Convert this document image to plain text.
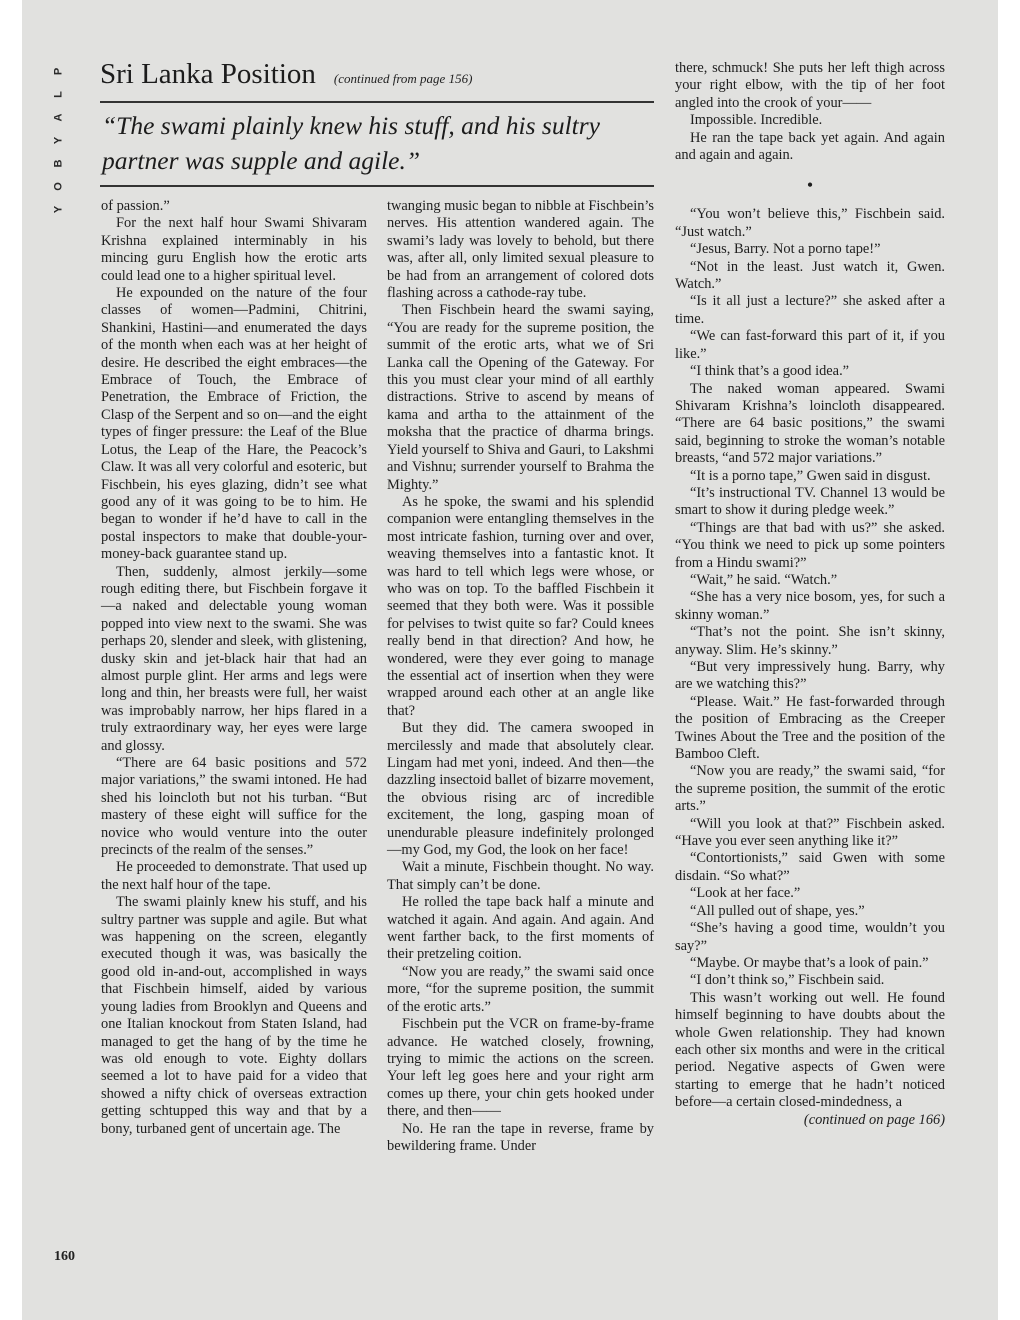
P
L
A
Y
B
O
Y
Sri Lanka Position (continued from page 156)
“The swami plainly knew his stuff, and his sultry partner was supple and agile.”

of passion.”

For the next half hour Swami Shivaram Krishna explained interminably in his mincing guru English how the erotic arts could lead one to a higher spiritual level.

He expounded on the nature of the four classes of women—Padmini, Chitrini, Shankini, Hastini—and enumerated the days of the month when each was at her height of desire. He described the eight embraces—the Embrace of Touch, the Embrace of Penetration, the Embrace of Friction, the Clasp of the Serpent and so on—and the eight types of finger pressure: the Leaf of the Blue Lotus, the Leap of the Hare, the Peacock’s Claw. It was all very colorful and esoteric, but Fischbein, his eyes glazing, didn’t see what good any of it was going to be to him. He began to wonder if he’d have to call in the postal inspectors to make that double-your-money-back guarantee stand up.

Then, suddenly, almost jerkily—some rough editing there, but Fischbein forgave it—a naked and delectable young woman popped into view next to the swami. She was perhaps 20, slender and sleek, with glistening, dusky skin and jet-black hair that had an almost purple glint. Her arms and legs were long and thin, her breasts were full, her waist was improbably narrow, her hips flared in a truly extraordinary way, her eyes were large and glossy.

“There are 64 basic positions and 572 major variations,” the swami intoned. He had shed his loincloth but not his turban. “But mastery of these eight will suffice for the novice who would venture into the outer precincts of the realm of the senses.”

He proceeded to demonstrate. That used up the next half hour of the tape.

The swami plainly knew his stuff, and his sultry partner was supple and agile. But what was happening on the screen, elegantly executed though it was, was basically the good old in-and-out, accomplished in ways that Fischbein himself, aided by various young ladies from Brooklyn and Queens and one Italian knockout from Staten Island, had managed to get the hang of by the time he was old enough to vote. Eighty dollars seemed a lot to have paid for a video that showed a nifty chick of overseas extraction getting schtupped this way and that by a bony, turbaned gent of uncertain age. The

twanging music began to nibble at Fischbein’s nerves. His attention wandered again. The swami’s lady was lovely to behold, but there was, after all, only limited sexual pleasure to be had from an arrangement of colored dots flashing across a cathode-ray tube.

Then Fischbein heard the swami saying, “You are ready for the supreme position, the summit of the erotic arts, what we of Sri Lanka call the Opening of the Gateway. For this you must clear your mind of all earthly distractions. Strive to ascend by means of kama and artha to the attainment of the moksha that the practice of dharma brings. Yield yourself to Shiva and Gauri, to Lakshmi and Vishnu; surrender yourself to Brahma the Mighty.”

As he spoke, the swami and his splendid companion were entangling themselves in the most intricate fashion, turning over and over, weaving themselves into a fantastic knot. It was hard to tell which legs were whose, or who was on top. To the baffled Fischbein it seemed that they both were. Was it possible for pelvises to twist quite so far? Could knees really bend in that direction? And how, he wondered, were they ever going to manage the essential act of insertion when they were wrapped around each other at an angle like that?

But they did. The camera swooped in mercilessly and made that absolutely clear. Lingam had met yoni, indeed. And then—the dazzling insectoid ballet of bizarre movement, the obvious rising arc of incredible excitement, the long, gasping moan of unendurable pleasure indefinitely prolonged—my God, my God, the look on her face!

Wait a minute, Fischbein thought. No way. That simply can’t be done.

He rolled the tape back half a minute and watched it again. And again. And again. And went farther back, to the first moments of their pretzeling coition.

“Now you are ready,” the swami said once more, “for the supreme position, the summit of the erotic arts.”

Fischbein put the VCR on frame-by-frame advance. He watched closely, frowning, trying to mimic the actions on the screen. Your left leg goes here and your right arm comes up there, your chin gets hooked under there, and then——

No. He ran the tape in reverse, frame by bewildering frame. Under

there, schmuck! She puts her left thigh across your right elbow, with the tip of her foot angled into the crook of your——

Impossible. Incredible.

He ran the tape back yet again. And again and again and again.

•

“You won’t believe this,” Fischbein said. “Just watch.”

“Jesus, Barry. Not a porno tape!”

“Not in the least. Just watch it, Gwen. Watch.”

“Is it all just a lecture?” she asked after a time.

“We can fast-forward this part of it, if you like.”

“I think that’s a good idea.”

The naked woman appeared. Swami Shivaram Krishna’s loincloth disappeared. “There are 64 basic positions,” the swami said, beginning to stroke the woman’s notable breasts, “and 572 major variations.”

“It is a porno tape,” Gwen said in disgust.

“It’s instructional TV. Channel 13 would be smart to show it during pledge week.”

“Things are that bad with us?” she asked. “You think we need to pick up some pointers from a Hindu swami?”

“Wait,” he said. “Watch.”

“She has a very nice bosom, yes, for such a skinny woman.”

“That’s not the point. She isn’t skinny, anyway. Slim. He’s skinny.”

“But very impressively hung. Barry, why are we watching this?”

“Please. Wait.” He fast-forwarded through the position of Embracing as the Creeper Twines About the Tree and the position of the Bamboo Cleft.

“Now you are ready,” the swami said, “for the supreme position, the summit of the erotic arts.”

“Will you look at that?” Fischbein asked. “Have you ever seen anything like it?”

“Contortionists,” said Gwen with some disdain. “So what?”

“Look at her face.”

“All pulled out of shape, yes.”

“She’s having a good time, wouldn’t you say?”

“Maybe. Or maybe that’s a look of pain.”

“I don’t think so,” Fischbein said.

This wasn’t working out well. He found himself beginning to have doubts about the whole Gwen relationship. They had known each other six months and were in the critical period. Negative aspects of Gwen were starting to emerge that he hadn’t noticed before—a certain closed-mindedness, a

(continued on page 166)

160
